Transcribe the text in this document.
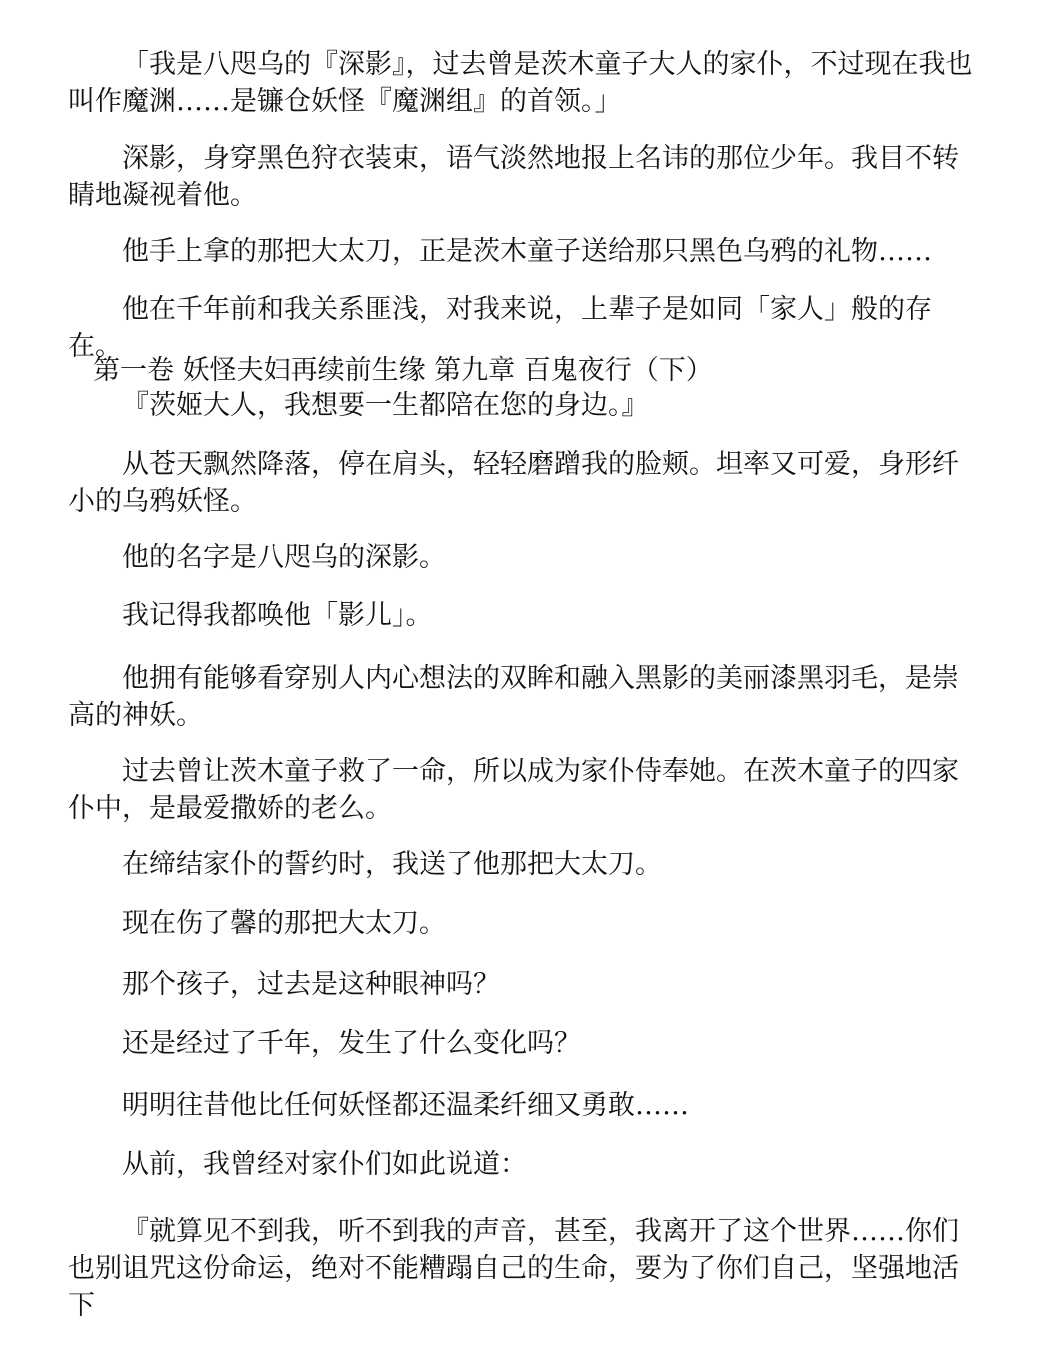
「我是八咫乌的『深影』，过去曾是茨木童子大人的家仆，不过现在我也叫作魔渊……是镰仓妖怪『魔渊组』的首领。」

深影，身穿黑色狩衣装束，语气淡然地报上名讳的那位少年。我目不转睛地凝视着他。

他手上拿的那把大太刀，正是茨木童子送给那只黑色乌鸦的礼物……

他在千年前和我关系匪浅，对我来说，上辈子是如同「家人」般的存在。

第一卷 妖怪夫妇再续前生缘 第九章 百鬼夜行（下）

『茨姬大人，我想要一生都陪在您的身边。』

从苍天飘然降落，停在肩头，轻轻磨蹭我的脸颊。坦率又可爱，身形纤小的乌鸦妖怪。

他的名字是八咫乌的深影。

我记得我都唤他「影儿」。

他拥有能够看穿别人内心想法的双眸和融入黑影的美丽漆黑羽毛，是崇高的神妖。

过去曾让茨木童子救了一命，所以成为家仆侍奉她。在茨木童子的四家仆中，是最爱撒娇的老么。

在缔结家仆的誓约时，我送了他那把大太刀。

现在伤了馨的那把大太刀。

那个孩子，过去是这种眼神吗？

还是经过了千年，发生了什么变化吗？

明明往昔他比任何妖怪都还温柔纤细又勇敢……

从前，我曾经对家仆们如此说道：

『就算见不到我，听不到我的声音，甚至，我离开了这个世界……你们也别诅咒这份命运，绝对不能糟蹋自己的生命，要为了你们自己，坚强地活下
